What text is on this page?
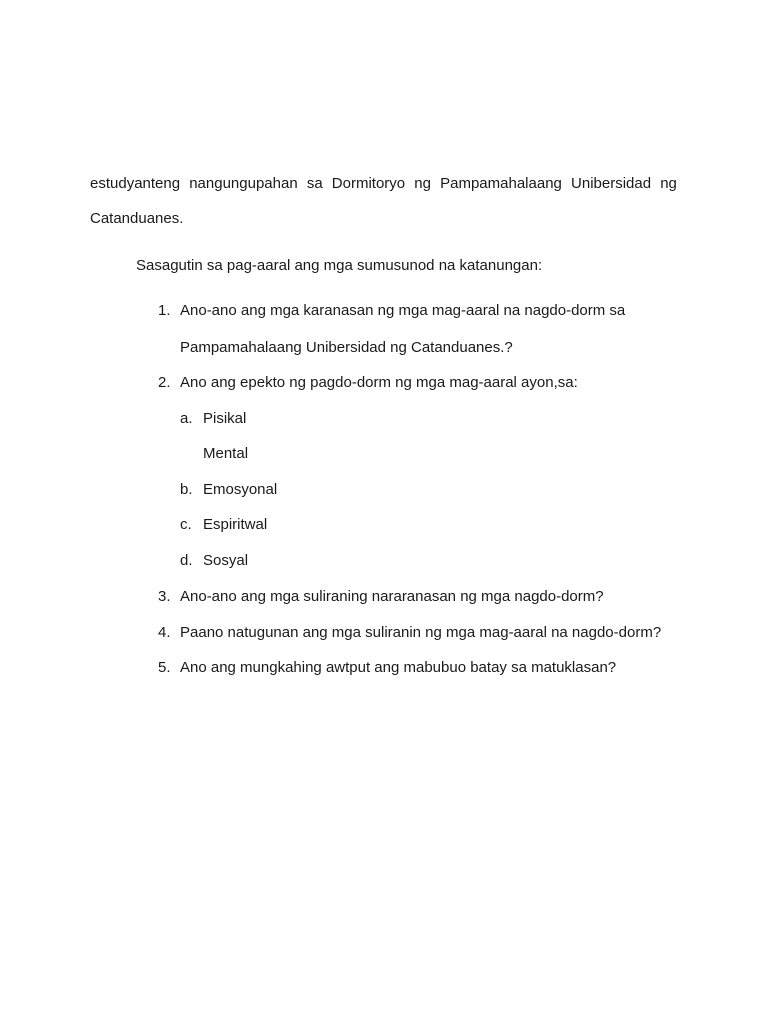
estudyanteng nangungupahan sa Dormitoryo ng Pampamahalaang Unibersidad ng
Catanduanes.
Sasagutin sa pag-aaral ang mga sumusunod na katanungan:
1. Ano-ano ang mga karanasan ng mga mag-aaral na nagdo-dorm sa
Pampamahalaang Unibersidad ng Catanduanes.?
2. Ano ang epekto ng pagdo-dorm ng mga mag-aaral ayon,sa:
a. Pisikal
Mental
b. Emosyonal
c. Espiritwal
d. Sosyal
3. Ano-ano ang mga suliraning nararanasan ng mga nagdo-dorm?
4. Paano natugunan ang mga suliranin ng mga mag-aaral na nagdo-dorm?
5. Ano ang mungkahing awtput ang mabubuo batay sa matuklasan?
